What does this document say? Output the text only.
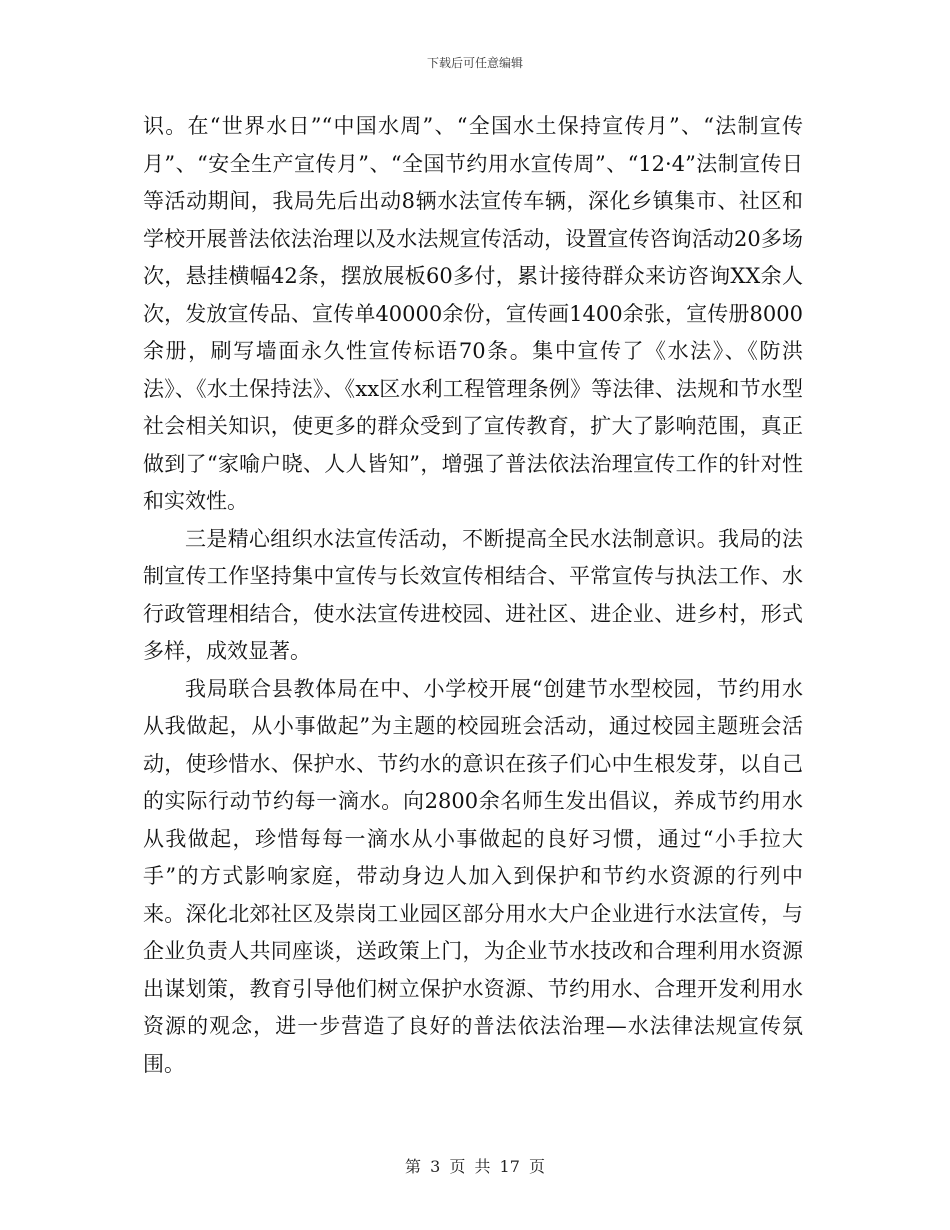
下载后可任意编辑

识。在“世界水日”“中国水周”、“全国水土保持宣传月”、“法制宣传月”、“安全生产宣传月”、“全国节约用水宣传周”、“12·4”法制宣传日等活动期间，我局先后出动8辆水法宣传车辆，深化乡镇集市、社区和学校开展普法依法治理以及水法规宣传活动，设置宣传咨询活动20多场次，悬挂横幅42条，摆放展板60多付，累计接待群众来访咨询XX余人次，发放宣传品、宣传单40000余份，宣传画1400余张，宣传册8000余册，刷写墙面永久性宣传标语70条。集中宣传了《水法》、《防洪法》、《水土保持法》、《xx区水利工程管理条例》等法律、法规和节水型社会相关知识，使更多的群众受到了宣传教育，扩大了影响范围，真正做到了“家喻户晓、人人皆知”，增强了普法依法治理宣传工作的针对性和实效性。

三是精心组织水法宣传活动，不断提高全民水法制意识。我局的法制宣传工作坚持集中宣传与长效宣传相结合、平常宣传与执法工作、水行政管理相结合，使水法宣传进校园、进社区、进企业、进乡村，形式多样，成效显著。

我局联合县教体局在中、小学校开展“创建节水型校园，节约用水从我做起，从小事做起”为主题的校园班会活动，通过校园主题班会活动，使珍惜水、保护水、节约水的意识在孩子们心中生根发芽，以自己的实际行动节约每一滴水。向2800余名师生发出倡议，养成节约用水从我做起，珍惜每每一滴水从小事做起的良好习惯，通过“小手拉大手”的方式影响家庭，带动身边人加入到保护和节约水资源的行列中来。深化北郊社区及崇岗工业园区部分用水大户企业进行水法宣传，与企业负责人共同座谈，送政策上门，为企业节水技改和合理利用水资源出谋划策，教育引导他们树立保护水资源、节约用水、合理开发利用水资源的观念，进一步营造了良好的普法依法治理—水法律法规宣传氛围。

第 3 页 共 17 页
